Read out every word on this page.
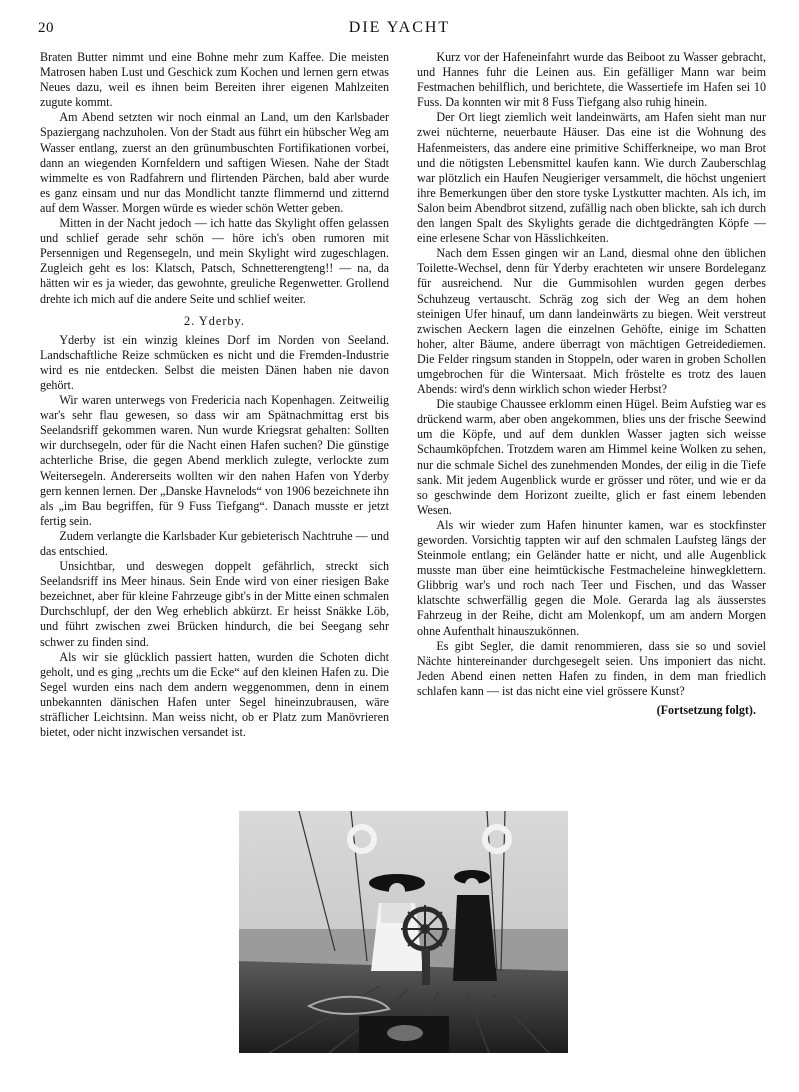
20	DIE YACHT

Braten Butter nimmt und eine Bohne mehr zum Kaffee. Die meisten Matrosen haben Lust und Geschick zum Kochen und lernen gern etwas Neues dazu, weil es ihnen beim Bereiten ihrer eigenen Mahlzeiten zugute kommt.

Am Abend setzten wir noch einmal an Land, um den Karlsbader Spaziergang nachzuholen. Von der Stadt aus führt ein hübscher Weg am Wasser entlang, zuerst an den grünumbuschten Fortifikationen vorbei, dann an wiegenden Kornfeldern und saftigen Wiesen. Nahe der Stadt wimmelte es von Radfahrern und flirtenden Pärchen, bald aber wurde es ganz einsam und nur das Mondlicht tanzte flimmernd und zitternd auf dem Wasser. Morgen würde es wieder schön Wetter geben.

Mitten in der Nacht jedoch — ich hatte das Skylight offen gelassen und schlief gerade sehr schön — höre ich's oben rumoren mit Persennigen und Regensegeln, und mein Skylight wird zugeschlagen. Zugleich geht es los: Klatsch, Patsch, Schnetterengteng!! — na, da hätten wir es ja wieder, das gewohnte, greuliche Regenwetter. Grollend drehte ich mich auf die andere Seite und schlief weiter.

2. Yderby.

Yderby ist ein winzig kleines Dorf im Norden von Seeland. Landschaftliche Reize schmücken es nicht und die Fremden-Industrie wird es nie entdecken. Selbst die meisten Dänen haben nie davon gehört.

Wir waren unterwegs von Fredericia nach Kopenhagen. Zeitweilig war's sehr flau gewesen, so dass wir am Spätnachmittag erst bis Seelandsriff gekommen waren. Nun wurde Kriegsrat gehalten: Sollten wir durchsegeln, oder für die Nacht einen Hafen suchen? Die günstige achterliche Brise, die gegen Abend merklich zulegte, verlockte zum Weitersegeln. Andererseits wollten wir den nahen Hafen von Yderby gern kennen lernen. Der „Danske Havnelods“ von 1906 bezeichnete ihn als „im Bau begriffen, für 9 Fuss Tiefgang“. Danach musste er jetzt fertig sein.

Zudem verlangte die Karlsbader Kur gebieterisch Nachtruhe — und das entschied.

Unsichtbar, und deswegen doppelt gefährlich, streckt sich Seelandsriff ins Meer hinaus. Sein Ende wird von einer riesigen Bake bezeichnet, aber für kleine Fahrzeuge gibt's in der Mitte einen schmalen Durchschlupf, der den Weg erheblich abkürzt. Er heisst Snäkke Löb, und führt zwischen zwei Brücken hindurch, die bei Seegang sehr schwer zu finden sind.

Als wir sie glücklich passiert hatten, wurden die Schoten dicht geholt, und es ging „rechts um die Ecke“ auf den kleinen Hafen zu. Die Segel wurden eins nach dem andern weggenommen, denn in einem unbekannten dänischen Hafen unter Segel hineinzubrausen, wäre sträflicher Leichtsinn. Man weiss nicht, ob er Platz zum Manövrieren bietet, oder nicht inzwischen versandet ist.

Kurz vor der Hafeneinfahrt wurde das Beiboot zu Wasser gebracht, und Hannes fuhr die Leinen aus. Ein gefälliger Mann war beim Festmachen behilflich, und berichtete, die Wassertiefe im Hafen sei 10 Fuss. Da konnten wir mit 8 Fuss Tiefgang also ruhig hinein.

Der Ort liegt ziemlich weit landeinwärts, am Hafen sieht man nur zwei nüchterne, neuerbaute Häuser. Das eine ist die Wohnung des Hafenmeisters, das andere eine primitive Schifferkneipe, wo man Brot und die nötigsten Lebensmittel kaufen kann. Wie durch Zauberschlag war plötzlich ein Haufen Neugieriger versammelt, die höchst ungeniert ihre Bemerkungen über den store tyske Lystkutter machten. Als ich, im Salon beim Abendbrot sitzend, zufällig nach oben blickte, sah ich durch den langen Spalt des Skylights gerade die dichtgedrängten Köpfe — eine erlesene Schar von Hässlichkeiten.

Nach dem Essen gingen wir an Land, diesmal ohne den üblichen Toilette-Wechsel, denn für Yderby erachteten wir unsere Bordeleganz für ausreichend. Nur die Gummisohlen wurden gegen derbes Schuhzeug vertauscht. Schräg zog sich der Weg an dem hohen steinigen Ufer hinauf, um dann landeinwärts zu biegen. Weit verstreut zwischen Aeckern lagen die einzelnen Gehöfte, einige im Schatten hoher, alter Bäume, andere überragt von mächtigen Getreidediemen. Die Felder ringsum standen in Stoppeln, oder waren in groben Schollen umgebrochen für die Wintersaat. Mich fröstelte es trotz des lauen Abends: wird's denn wirklich schon wieder Herbst?

Die staubige Chaussee erklomm einen Hügel. Beim Aufstieg war es drückend warm, aber oben angekommen, blies uns der frische Seewind um die Köpfe, und auf dem dunklen Wasser jagten sich weisse Schaumköpfchen. Trotzdem waren am Himmel keine Wolken zu sehen, nur die schmale Sichel des zunehmenden Mondes, der eilig in die Tiefe sank. Mit jedem Augenblick wurde er grösser und röter, und wie er da so geschwinde dem Horizont zueilte, glich er fast einem lebenden Wesen.

Als wir wieder zum Hafen hinunter kamen, war es stockfinster geworden. Vorsichtig tappten wir auf den schmalen Laufsteg längs der Steinmole entlang; ein Geländer hatte er nicht, und alle Augenblick musste man über eine heimtückische Festmacheleine hinwegklettern. Glibbrig war's und roch nach Teer und Fischen, und das Wasser klatschte schwerfällig gegen die Mole. Gerarda lag als äusserstes Fahrzeug in der Reihe, dicht am Molenkopf, um am andern Morgen ohne Aufenthalt hinauszukönnen.

Es gibt Segler, die damit renommieren, dass sie so und soviel Nächte hintereinander durchgesegelt seien. Uns imponiert das nicht. Jeden Abend einen netten Hafen zu finden, in dem man friedlich schlafen kann — ist das nicht eine viel grössere Kunst?

(Fortsetzung folgt).
